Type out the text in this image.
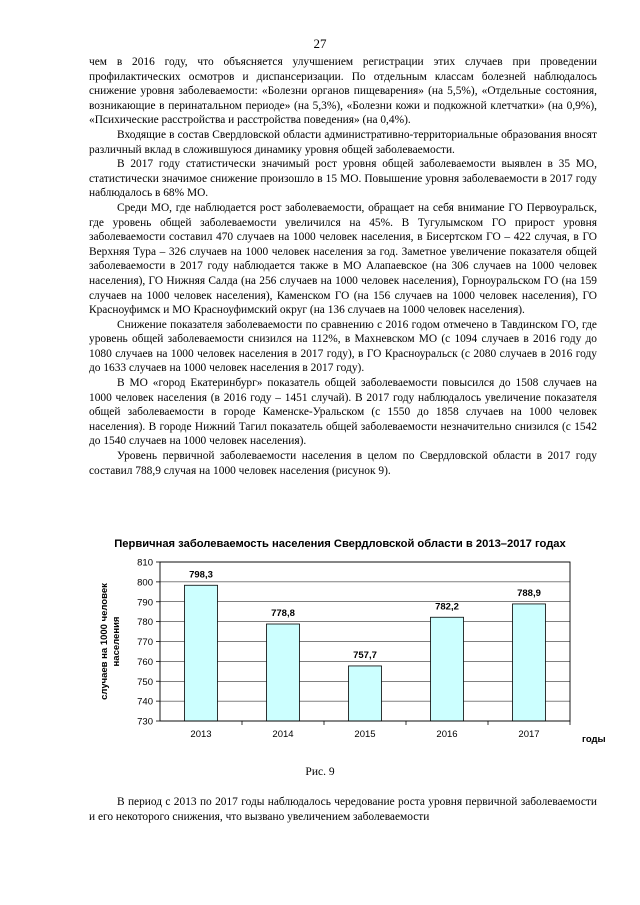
27

чем в 2016 году, что объясняется улучшением регистрации этих случаев при проведении профилактических осмотров и диспансеризации. По отдельным классам болезней наблюдалось снижение уровня заболеваемости: «Болезни органов пищеварения» (на 5,5%), «Отдельные состояния, возникающие в перинатальном периоде» (на 5,3%), «Болезни кожи и подкожной клетчатки» (на 0,9%), «Психические расстройства и расстройства поведения» (на 0,4%).

Входящие в состав Свердловской области административно-территориальные образования вносят различный вклад в сложившуюся динамику уровня общей заболеваемости.

В 2017 году статистически значимый рост уровня общей заболеваемости выявлен в 35 МО, статистически значимое снижение произошло в 15 МО. Повышение уровня заболеваемости в 2017 году наблюдалось в 68% МО.

Среди МО, где наблюдается рост заболеваемости, обращает на себя внимание ГО Первоуральск, где уровень общей заболеваемости увеличился на 45%. В Тугулымском ГО прирост уровня заболеваемости составил 470 случаев на 1000 человек населения, в Бисертском ГО – 422 случая, в ГО Верхняя Тура – 326 случаев на 1000 человек населения за год. Заметное увеличение показателя общей заболеваемости в 2017 году наблюдается также в МО Алапаевское (на 306 случаев на 1000 человек населения), ГО Нижняя Салда (на 256 случаев на 1000 человек населения), Горноуральском ГО (на 159 случаев на 1000 человек населения), Каменском ГО (на 156 случаев на 1000 человек населения), ГО Красноуфимск и МО Красноуфимский округ (на 136 случаев на 1000 человек населения).

Снижение показателя заболеваемости по сравнению с 2016 годом отмечено в Тавдинском ГО, где уровень общей заболеваемости снизился на 112%, в Махневском МО (с 1094 случаев в 2016 году до 1080 случаев на 1000 человек населения в 2017 году), в ГО Красноуральск (с 2080 случаев в 2016 году до 1633 случаев на 1000 человек населения в 2017 году).

В МО «город Екатеринбург» показатель общей заболеваемости повысился до 1508 случаев на 1000 человек населения (в 2016 году – 1451 случай). В 2017 году наблюдалось увеличение показателя общей заболеваемости в городе Каменске-Уральском (с 1550 до 1858 случаев на 1000 человек населения). В городе Нижний Тагил показатель общей заболеваемости незначительно снизился (с 1542 до 1540 случаев на 1000 человек населения).

Уровень первичной заболеваемости населения в целом по Свердловской области в 2017 году составил 788,9 случая на 1000 человек населения (рисунок 9).

Первичная заболеваемость населения Свердловской области в 2013–2017 годах
798,3
778,8
757,7
782,2
788,9
730
740
750
760
770
780
790
800
810
2013	2014	2015	2016	2017
случаев на 1000 человек населения
годы
Рис. 9

В период с 2013 по 2017 годы наблюдалось чередование роста уровня первичной заболеваемости и его некоторого снижения, что вызвано увеличением заболеваемости
